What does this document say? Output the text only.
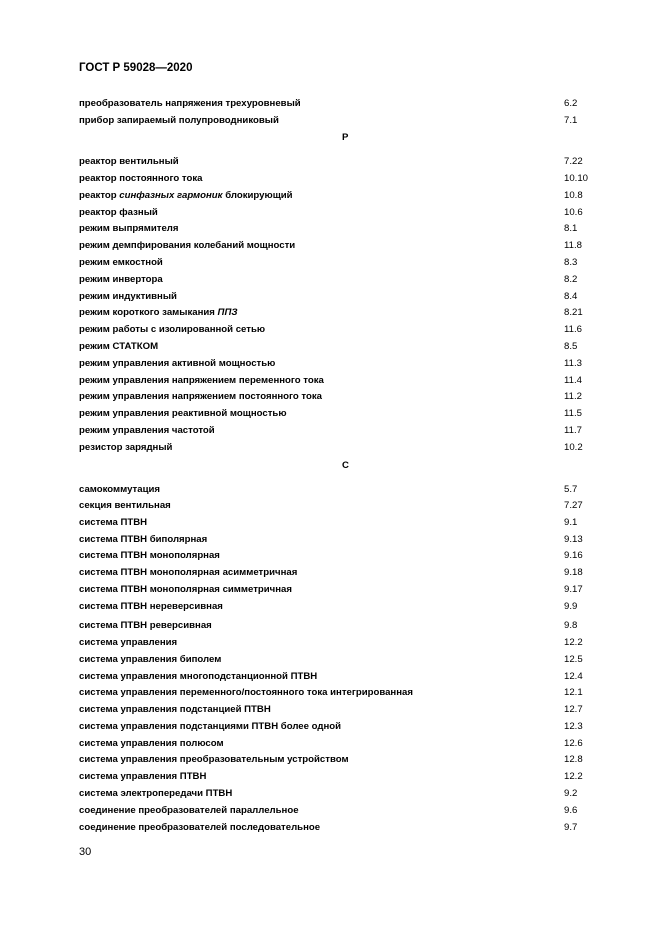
ГОСТ Р 59028—2020
преобразователь напряжения трехуровневый	6.2
прибор запираемый полупроводниковый	7.1
Р
реактор вентильный	7.22
реактор постоянного тока	10.10
реактор синфазных гармоник блокирующий	10.8
реактор фазный	10.6
режим выпрямителя	8.1
режим демпфирования колебаний мощности	11.8
режим емкостной	8.3
режим инвертора	8.2
режим индуктивный	8.4
режим короткого замыкания ППЗ	8.21
режим работы с изолированной сетью	11.6
режим СТАТКОМ	8.5
режим управления активной мощностью	11.3
режим управления напряжением переменного тока	11.4
режим управления напряжением постоянного тока	11.2
режим управления реактивной мощностью	11.5
режим управления частотой	11.7
резистор зарядный	10.2
С
самокоммутация	5.7
секция вентильная	7.27
система ПТВН	9.1
система ПТВН биполярная	9.13
система ПТВН монополярная	9.16
система ПТВН монополярная асимметричная	9.18
система ПТВН монополярная симметричная	9.17
система ПТВН нереверсивная	9.9
система ПТВН реверсивная	9.8
система управления	12.2
система управления биполем	12.5
система управления многоподстанционной ПТВН	12.4
система управления переменного/постоянного тока интегрированная	12.1
система управления подстанцией ПТВН	12.7
система управления подстанциями ПТВН более одной	12.3
система управления полюсом	12.6
система управления преобразовательным устройством	12.8
система управления ПТВН	12.2
система электропередачи ПТВН	9.2
соединение преобразователей параллельное	9.6
соединение преобразователей последовательное	9.7
30
